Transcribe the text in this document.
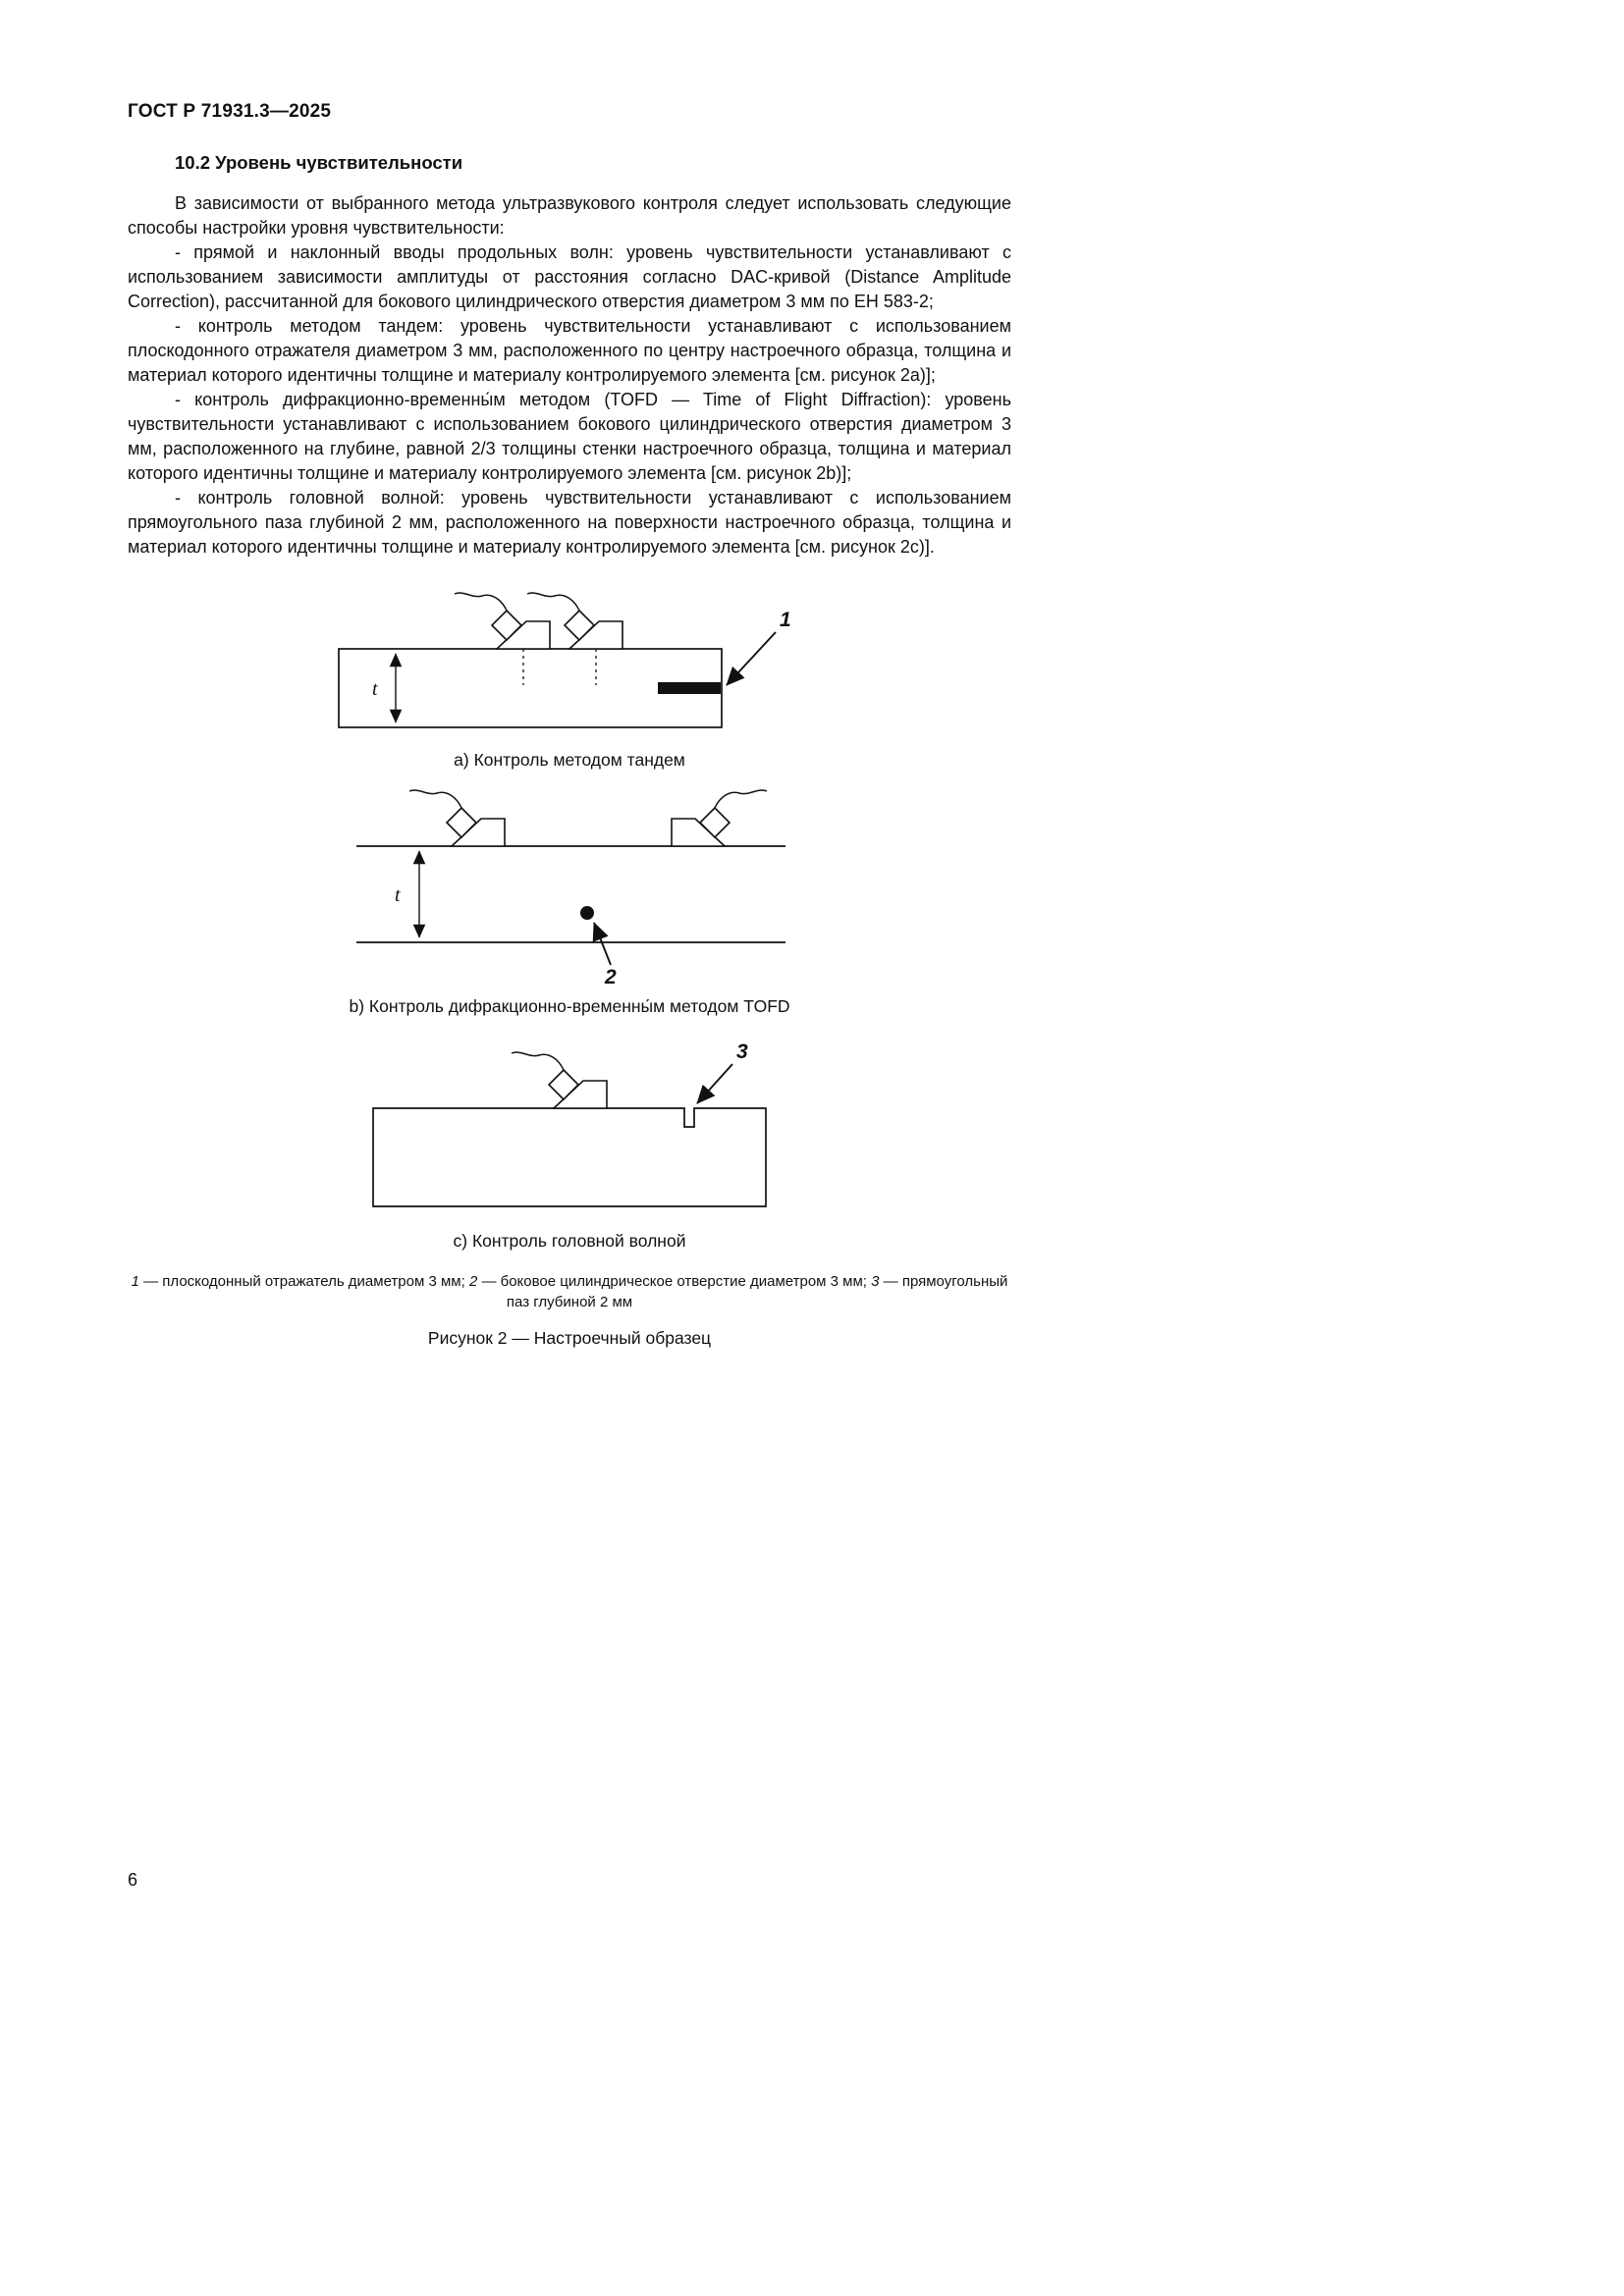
ГОСТ Р 71931.3—2025
10.2 Уровень чувствительности

В зависимости от выбранного метода ультразвукового контроля следует использовать следующие способы настройки уровня чувствительности:

- прямой и наклонный вводы продольных волн: уровень чувствительности устанавливают с использованием зависимости амплитуды от расстояния согласно DAC-кривой (Distance Amplitude Correction), рассчитанной для бокового цилиндрического отверстия диаметром 3 мм по ЕН 583-2;

- контроль методом тандем: уровень чувствительности устанавливают с использованием плоскодонного отражателя диаметром 3 мм, расположенного по центру настроечного образца, толщина и материал которого идентичны толщине и материалу контролируемого элемента [см. рисунок 2а)];

- контроль дифракционно-временны́м методом (TOFD — Time of Flight Diffraction): уровень чувствительности устанавливают с использованием бокового цилиндрического отверстия диаметром 3 мм, расположенного на глубине, равной 2/3 толщины стенки настроечного образца, толщина и материал которого идентичны толщине и материалу контролируемого элемента [см. рисунок 2b)];

- контроль головной волной: уровень чувствительности устанавливают с использованием прямоугольного паза глубиной 2 мм, расположенного на поверхности настроечного образца, толщина и материал которого идентичны толщине и материалу контролируемого элемента [см. рисунок 2с)].

t
1

а) Контроль методом тандем

t
2

b) Контроль дифракционно-временны́м методом TOFD

3

с) Контроль головной волной

1 — плоскодонный отражатель диаметром 3 мм; 2 — боковое цилиндрическое отверстие диаметром 3 мм; 3 — прямоугольный паз глубиной 2 мм

Рисунок 2 — Настроечный образец

6
